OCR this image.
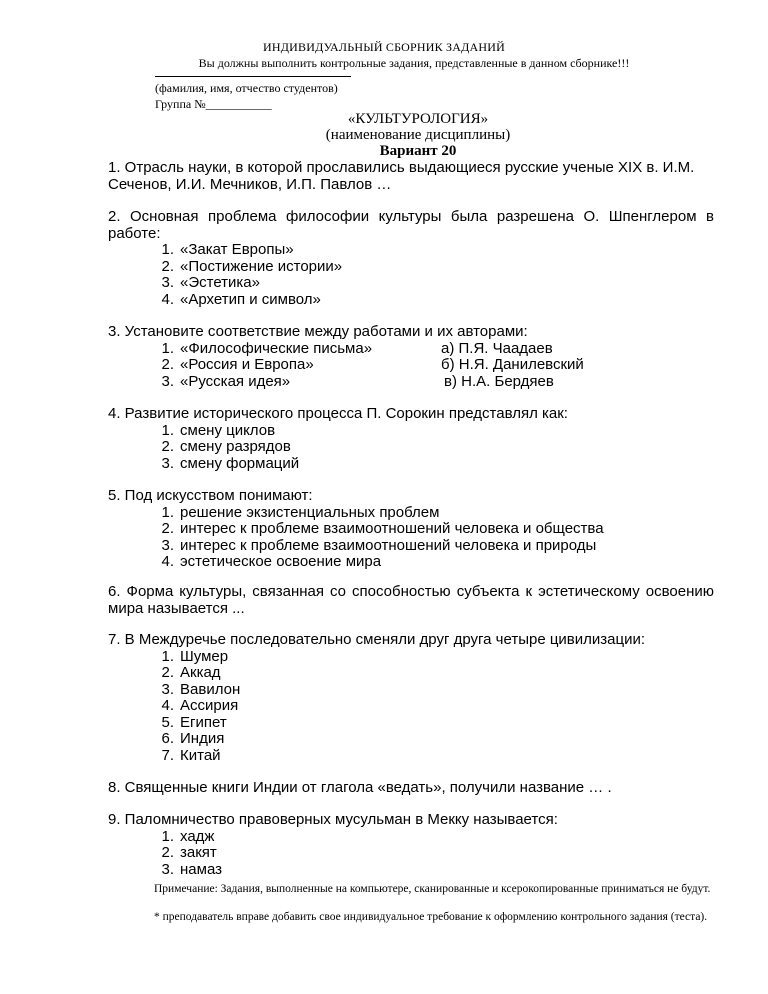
ИНДИВИДУАЛЬНЫЙ СБОРНИК ЗАДАНИЙ
Вы должны выполнить контрольные задания, представленные в данном сборнике!!!
(фамилия, имя, отчество студентов)
Группа №___________
«КУЛЬТУРОЛОГИЯ»
(наименование дисциплины)
Вариант 20
1. Отрасль науки, в которой прославились выдающиеся русские ученые XIX в. И.М. Сеченов, И.И. Мечников, И.П. Павлов …
2. Основная проблема философии культуры была разрешена О. Шпенглером в работе:
1. «Закат Европы»
2. «Постижение истории»
3. «Эстетика»
4. «Архетип и символ»
3. Установите соответствие между работами и их авторами:
1. «Философические письма»	а) П.Я. Чаадаев
2. «Россия и Европа»	б) Н.Я. Данилевский
3. «Русская идея»	в) Н.А. Бердяев
4. Развитие исторического процесса П. Сорокин представлял как:
1. смену циклов
2. смену разрядов
3. смену формаций
5. Под искусством понимают:
1. решение экзистенциальных проблем
2. интерес к проблеме взаимоотношений человека и общества
3. интерес к проблеме взаимоотношений человека и природы
4. эстетическое освоение мира
6. Форма культуры, связанная со способностью субъекта к эстетическому освоению мира называется ...
7. В Междуречье последовательно сменяли друг друга четыре цивилизации:
1. Шумер
2. Аккад
3. Вавилон
4. Ассирия
5. Египет
6. Индия
7. Китай
8. Священные книги Индии от глагола «ведать», получили название … .
9. Паломничество правоверных мусульман в Мекку называется:
1. хадж
2. закят
3. намаз

Примечание: Задания, выполненные на компьютере, сканированные и ксерокопированные приниматься не будут.

* преподаватель вправе добавить свое индивидуальное требование к оформлению контрольного задания (теста).
